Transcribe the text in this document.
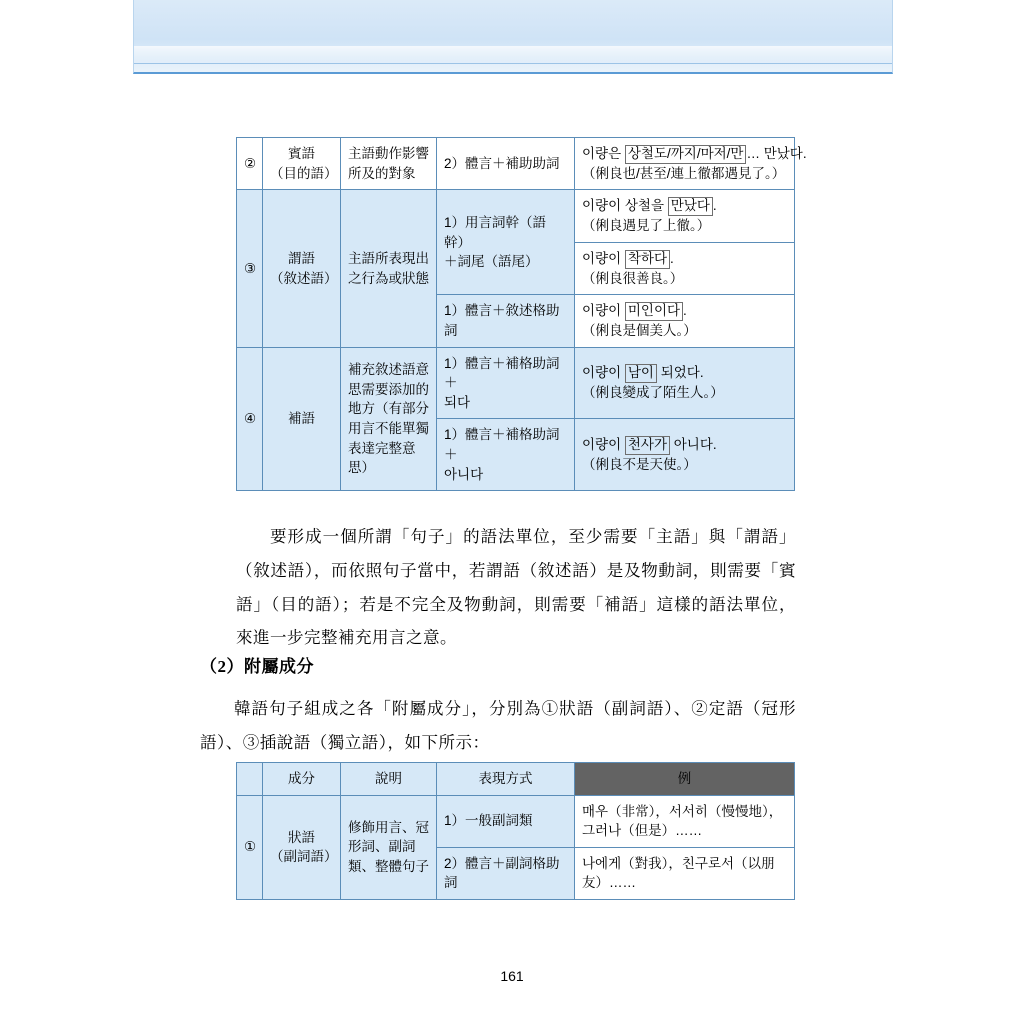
②	賓語
（目的語）	主語動作影響所及的對象	2）體言＋補助助詞	이량은 상철도/까지/마저/만 … 만났다.
（俐良也/甚至/連上徹都遇見了。）

③	謂語
（敘述語）	主語所表現出之行為或狀態	1）用言詞幹（語幹）
＋詞尾（語尾）	이량이 상철을 만났다 .
（俐良遇見了上徹。）

				이량이 착하다 .
（俐良很善良。）

			1）體言＋敘述格助詞	이량이 미인이다 .
（俐良是個美人。）

④	補語	補充敘述語意思需要添加的地方（有部分用言不能單獨表達完整意思）	1）體言＋補格助詞＋
되다	이량이 남이 되었다.
（俐良變成了陌生人。）

			1）體言＋補格助詞＋
아니다	이량이 천사가 아니다.
（俐良不是天使。）
要形成一個所謂「句子」的語法單位，至少需要「主語」與「謂語」（敘述語），而依照句子當中，若謂語（敘述語）是及物動詞，則需要「賓語」（目的語）；若是不完全及物動詞，則需要「補語」這樣的語法單位，來進一步完整補充用言之意。
（2）附屬成分
韓語句子組成之各「附屬成分」，分別為①狀語（副詞語）、②定語（冠形語）、③插說語（獨立語），如下所示：
	成分	說明	表現方式	例
①	狀語
（副詞語）	修飾用言、冠形詞、副詞類、整體句子	1）一般副詞類	매우（非常），서서히（慢慢地），그러나（但是）……
			2）體言＋副詞格助詞	나에게（對我），친구로서（以朋友）……
161
